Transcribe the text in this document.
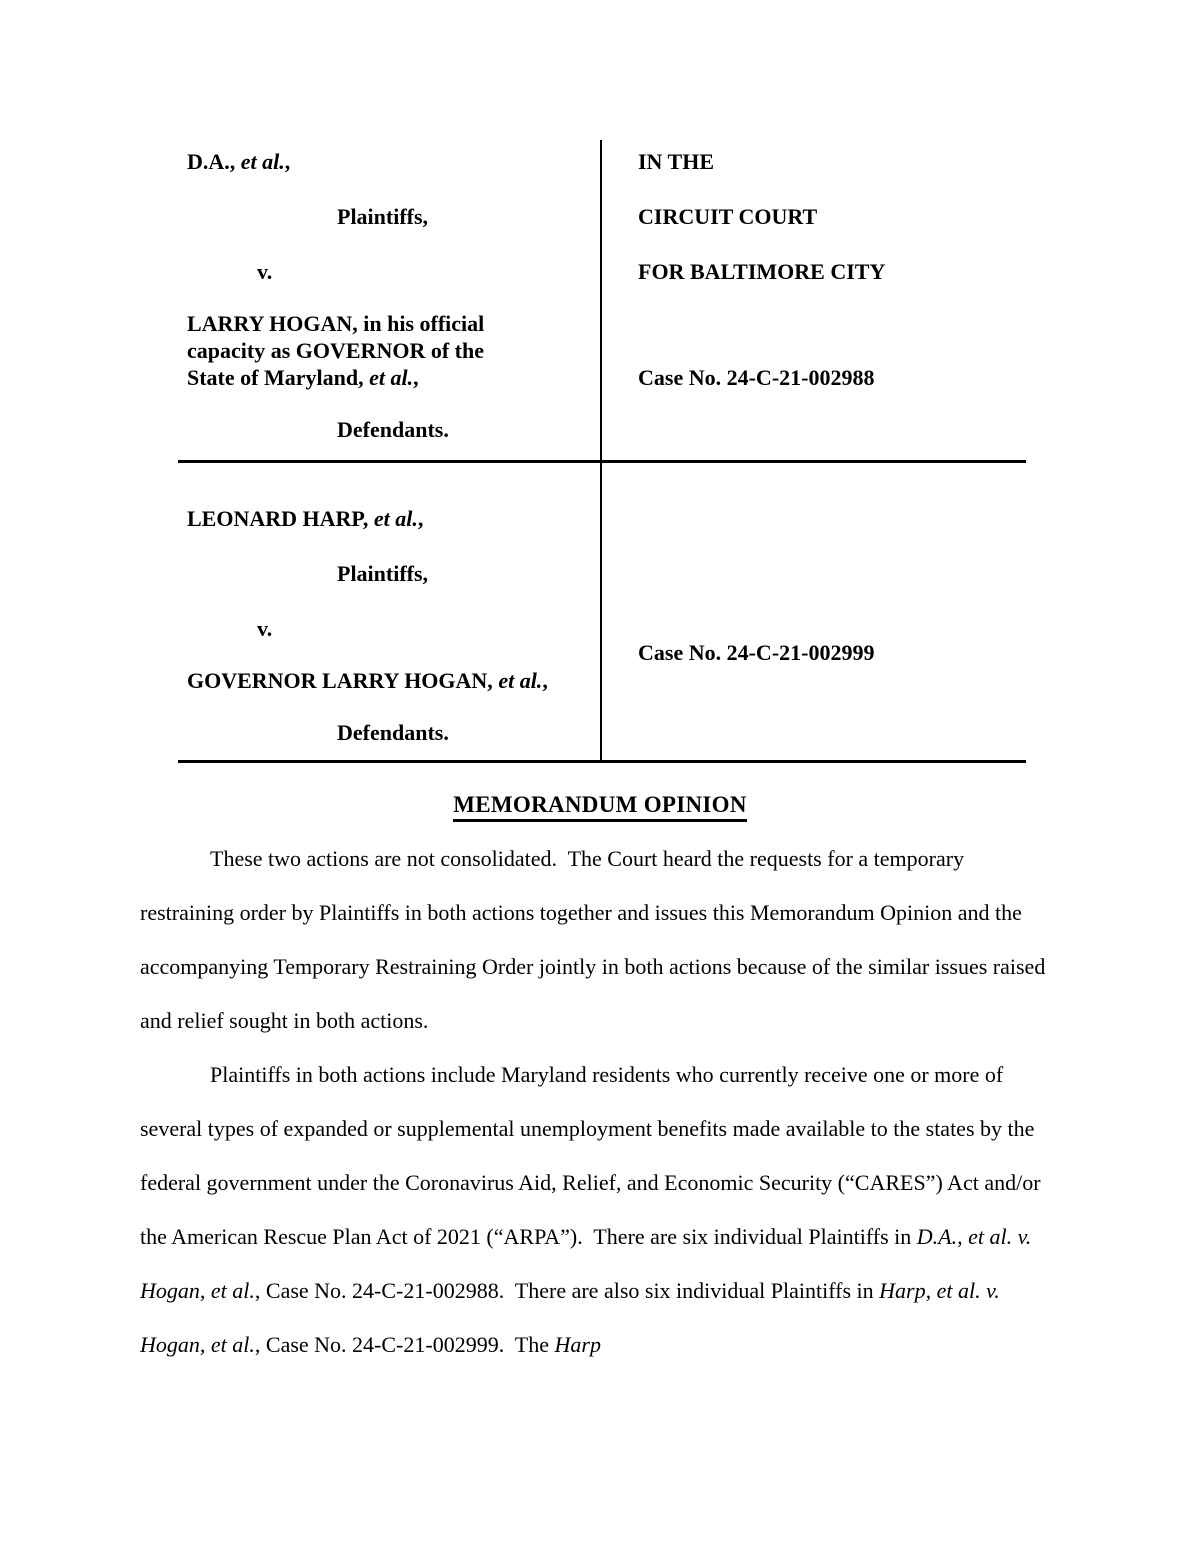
D.A., et al.,
Plaintiffs,
v.
LARRY HOGAN, in his official capacity as GOVERNOR of the State of Maryland, et al.,
Defendants.
IN THE
CIRCUIT COURT
FOR BALTIMORE CITY
Case No. 24-C-21-002988
LEONARD HARP, et al.,
Plaintiffs,
v.
GOVERNOR LARRY HOGAN, et al.,
Defendants.
Case No. 24-C-21-002999
MEMORANDUM OPINION

These two actions are not consolidated.  The Court heard the requests for a temporary restraining order by Plaintiffs in both actions together and issues this Memorandum Opinion and the accompanying Temporary Restraining Order jointly in both actions because of the similar issues raised and relief sought in both actions.

Plaintiffs in both actions include Maryland residents who currently receive one or more of several types of expanded or supplemental unemployment benefits made available to the states by the federal government under the Coronavirus Aid, Relief, and Economic Security (“CARES”) Act and/or the American Rescue Plan Act of 2021 (“ARPA”).  There are six individual Plaintiffs in D.A., et al. v. Hogan, et al., Case No. 24-C-21-002988.  There are also six individual Plaintiffs in Harp, et al. v. Hogan, et al., Case No. 24-C-21-002999.  The Harp
